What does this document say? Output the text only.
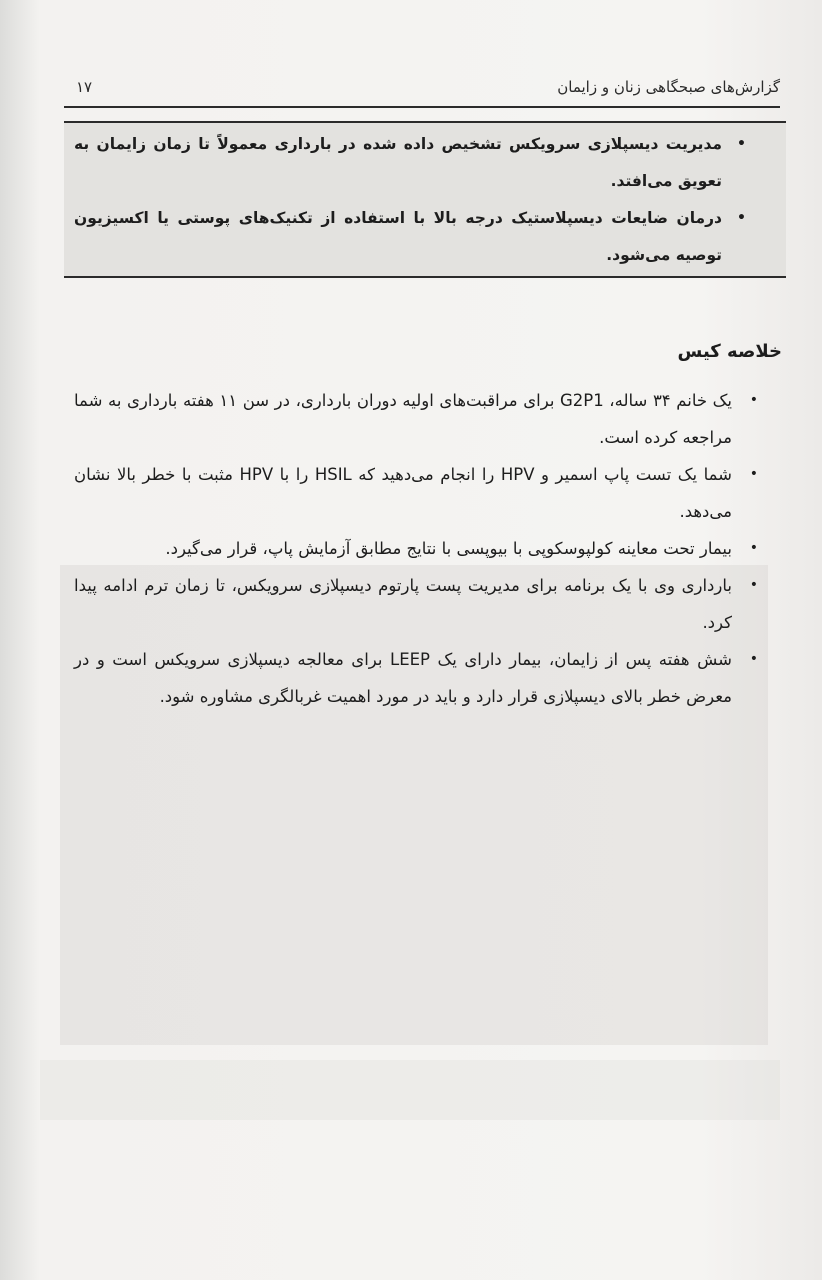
گزارش‌های صبحگاهی زنان و زایمان
۱۷
•
مدیریت دیسپلازی سرویکس تشخیص داده شده در بارداری معمولاً تا زمان زایمان به تعویق می‌افتد.
•
درمان ضایعات دیسپلاستیک درجه بالا با استفاده از تکنیک‌های پوستی یا اکسیزیون توصیه می‌شود.
خلاصه کیس
•
یک خانم ۳۴ ساله، G2P1 برای مراقبت‌های اولیه دوران بارداری، در سن ۱۱ هفته بارداری به شما مراجعه کرده است.
•
شما یک تست پاپ اسمیر و HPV را انجام می‌دهید که HSIL را با HPV مثبت با خطر بالا نشان می‌دهد.
•
بیمار تحت معاینه کولپوسکوپی با بیوپسی با نتایج مطابق آزمایش پاپ، قرار می‌گیرد.
•
بارداری وی با یک برنامه برای مدیریت پست پارتوم دیسپلازی سرویکس، تا زمان ترم ادامه پیدا کرد.
•
شش هفته پس از زایمان، بیمار دارای یک LEEP برای معالجه دیسپلازی سرویکس است و در معرض خطر بالای دیسپلازی قرار دارد و باید در مورد اهمیت غربالگری مشاوره شود.
